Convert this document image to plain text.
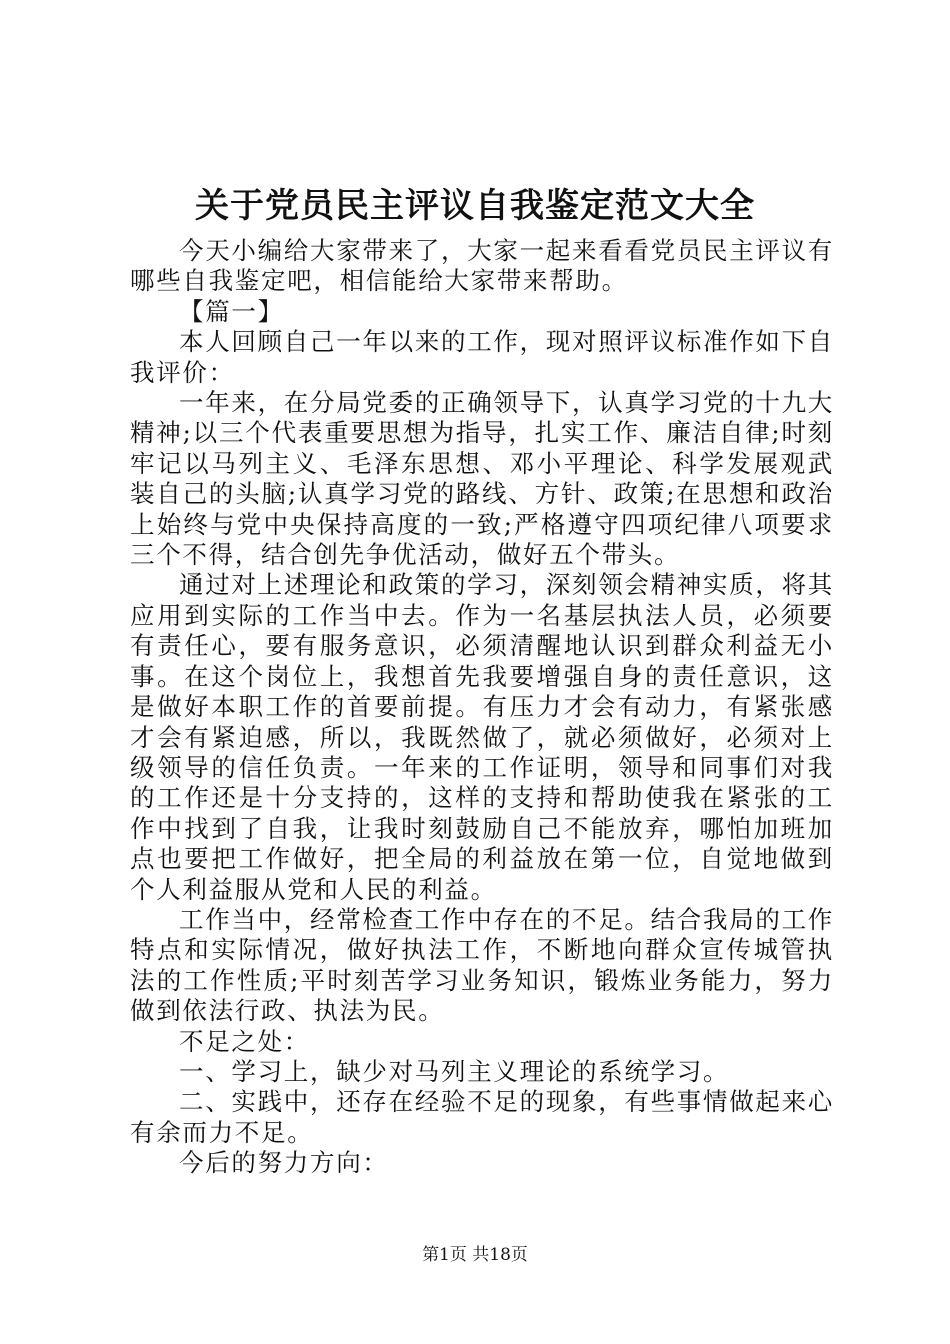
关于党员民主评议自我鉴定范文大全

今天小编给大家带来了，大家一起来看看党员民主评议有哪些自我鉴定吧，相信能给大家带来帮助。

【篇一】

本人回顾自己一年以来的工作，现对照评议标准作如下自我评价：

一年来，在分局党委的正确领导下，认真学习党的十九大精神;以三个代表重要思想为指导，扎实工作、廉洁自律;时刻牢记以马列主义、毛泽东思想、邓小平理论、科学发展观武装自己的头脑;认真学习党的路线、方针、政策;在思想和政治上始终与党中央保持高度的一致;严格遵守四项纪律八项要求三个不得，结合创先争优活动，做好五个带头。

通过对上述理论和政策的学习，深刻领会精神实质，将其应用到实际的工作当中去。作为一名基层执法人员，必须要有责任心，要有服务意识，必须清醒地认识到群众利益无小事。在这个岗位上，我想首先我要增强自身的责任意识，这是做好本职工作的首要前提。有压力才会有动力，有紧张感才会有紧迫感，所以，我既然做了，就必须做好，必须对上级领导的信任负责。一年来的工作证明，领导和同事们对我的工作还是十分支持的，这样的支持和帮助使我在紧张的工作中找到了自我，让我时刻鼓励自己不能放弃，哪怕加班加点也要把工作做好，把全局的利益放在第一位，自觉地做到个人利益服从党和人民的利益。

工作当中，经常检查工作中存在的不足。结合我局的工作特点和实际情况，做好执法工作，不断地向群众宣传城管执法的工作性质;平时刻苦学习业务知识，锻炼业务能力，努力做到依法行政、执法为民。

不足之处：

一、学习上，缺少对马列主义理论的系统学习。

二、实践中，还存在经验不足的现象，有些事情做起来心有余而力不足。

今后的努力方向：

第1页 共18页
